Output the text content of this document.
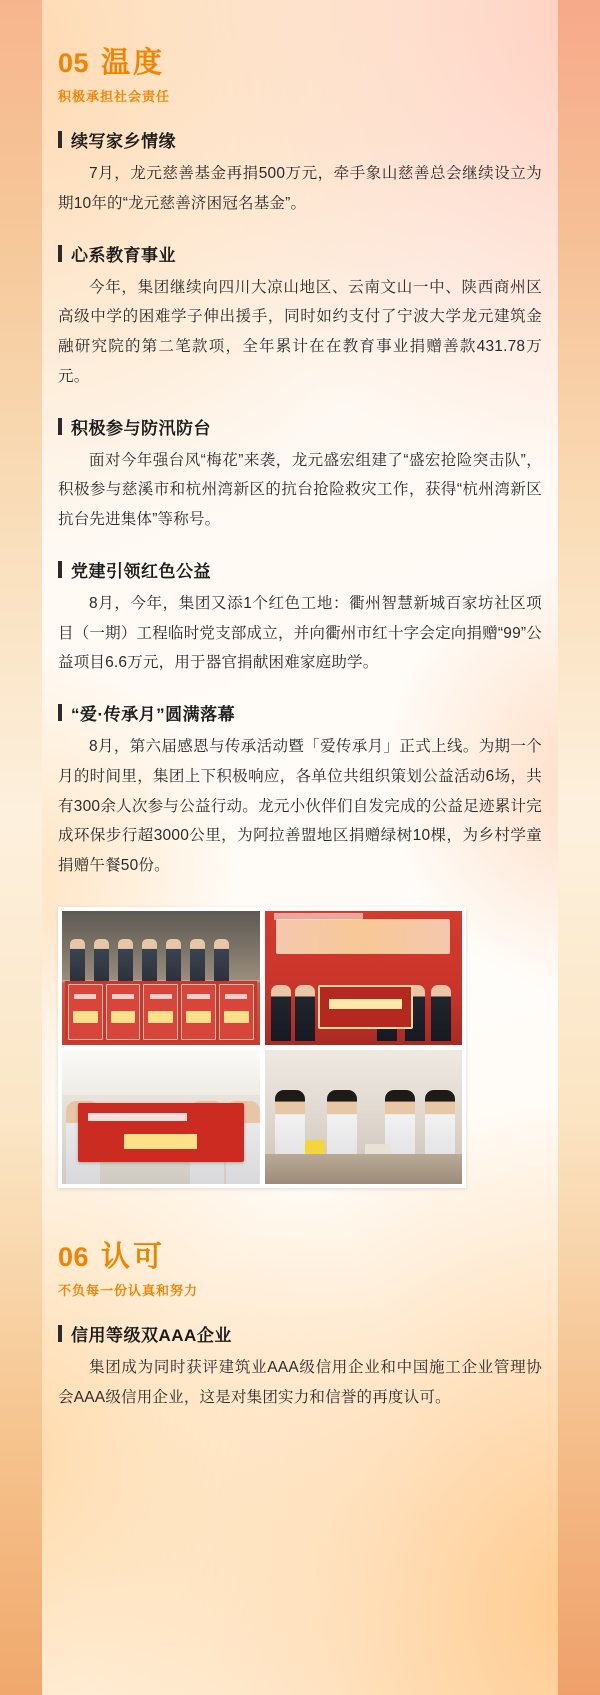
05 温度
积极承担社会责任
续写家乡情缘

7月，龙元慈善基金再捐500万元，牵手象山慈善总会继续设立为期10年的“龙元慈善济困冠名基金”。

心系教育事业

今年，集团继续向四川大凉山地区、云南文山一中、陕西商州区高级中学的困难学子伸出援手，同时如约支付了宁波大学龙元建筑金融研究院的第二笔款项，全年累计在在教育事业捐赠善款431.78万元。

积极参与防汛防台

面对今年强台风“梅花”来袭，龙元盛宏组建了“盛宏抢险突击队”，积极参与慈溪市和杭州湾新区的抗台抢险救灾工作，获得“杭州湾新区抗台先进集体”等称号。

党建引领红色公益

8月，今年，集团又添1个红色工地：衢州智慧新城百家坊社区项目（一期）工程临时党支部成立，并向衢州市红十字会定向捐赠“99”公益项目6.6万元，用于器官捐献困难家庭助学。

“爱·传承月”圆满落幕

8月，第六届感恩与传承活动暨「爱传承月」正式上线。为期一个月的时间里，集团上下积极响应，各单位共组织策划公益活动6场，共有300余人次参与公益行动。龙元小伙伴们自发完成的公益足迹累计完成环保步行超3000公里，为阿拉善盟地区捐赠绿树10棵，为乡村学童捐赠午餐50份。

06 认可
不负每一份认真和努力
信用等级双AAA企业

集团成为同时获评建筑业AAA级信用企业和中国施工企业管理协会AAA级信用企业，这是对集团实力和信誉的再度认可。
